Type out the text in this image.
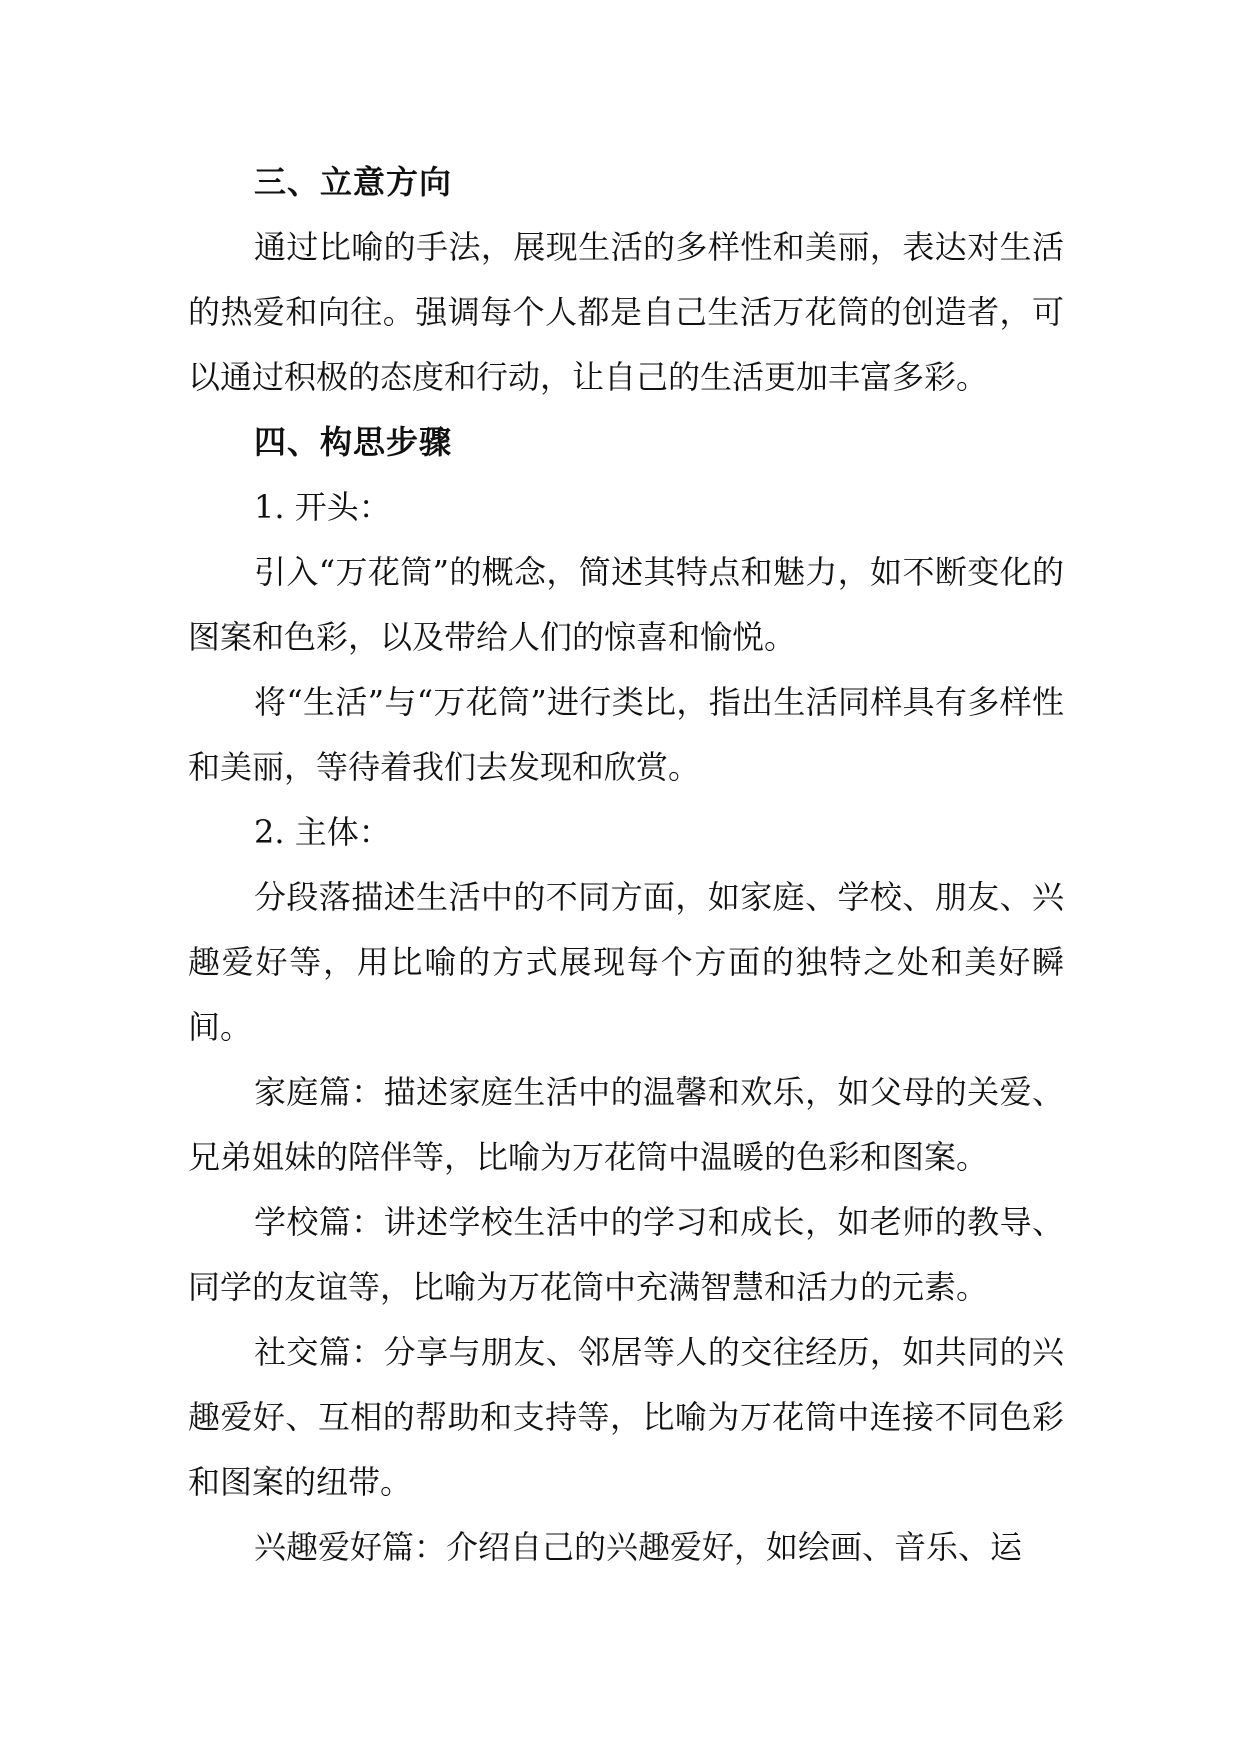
三、立意方向

通过比喻的手法，展现生活的多样性和美丽，表达对生活的热爱和向往。强调每个人都是自己生活万花筒的创造者，可以通过积极的态度和行动，让自己的生活更加丰富多彩。

四、构思步骤

1. 开头：

引入“万花筒”的概念，简述其特点和魅力，如不断变化的图案和色彩，以及带给人们的惊喜和愉悦。

将“生活”与“万花筒”进行类比，指出生活同样具有多样性和美丽，等待着我们去发现和欣赏。

2. 主体：

分段落描述生活中的不同方面，如家庭、学校、朋友、兴趣爱好等，用比喻的方式展现每个方面的独特之处和美好瞬间。

家庭篇：描述家庭生活中的温馨和欢乐，如父母的关爱、兄弟姐妹的陪伴等，比喻为万花筒中温暖的色彩和图案。

学校篇：讲述学校生活中的学习和成长，如老师的教导、同学的友谊等，比喻为万花筒中充满智慧和活力的元素。

社交篇：分享与朋友、邻居等人的交往经历，如共同的兴趣爱好、互相的帮助和支持等，比喻为万花筒中连接不同色彩和图案的纽带。

兴趣爱好篇：介绍自己的兴趣爱好，如绘画、音乐、运
